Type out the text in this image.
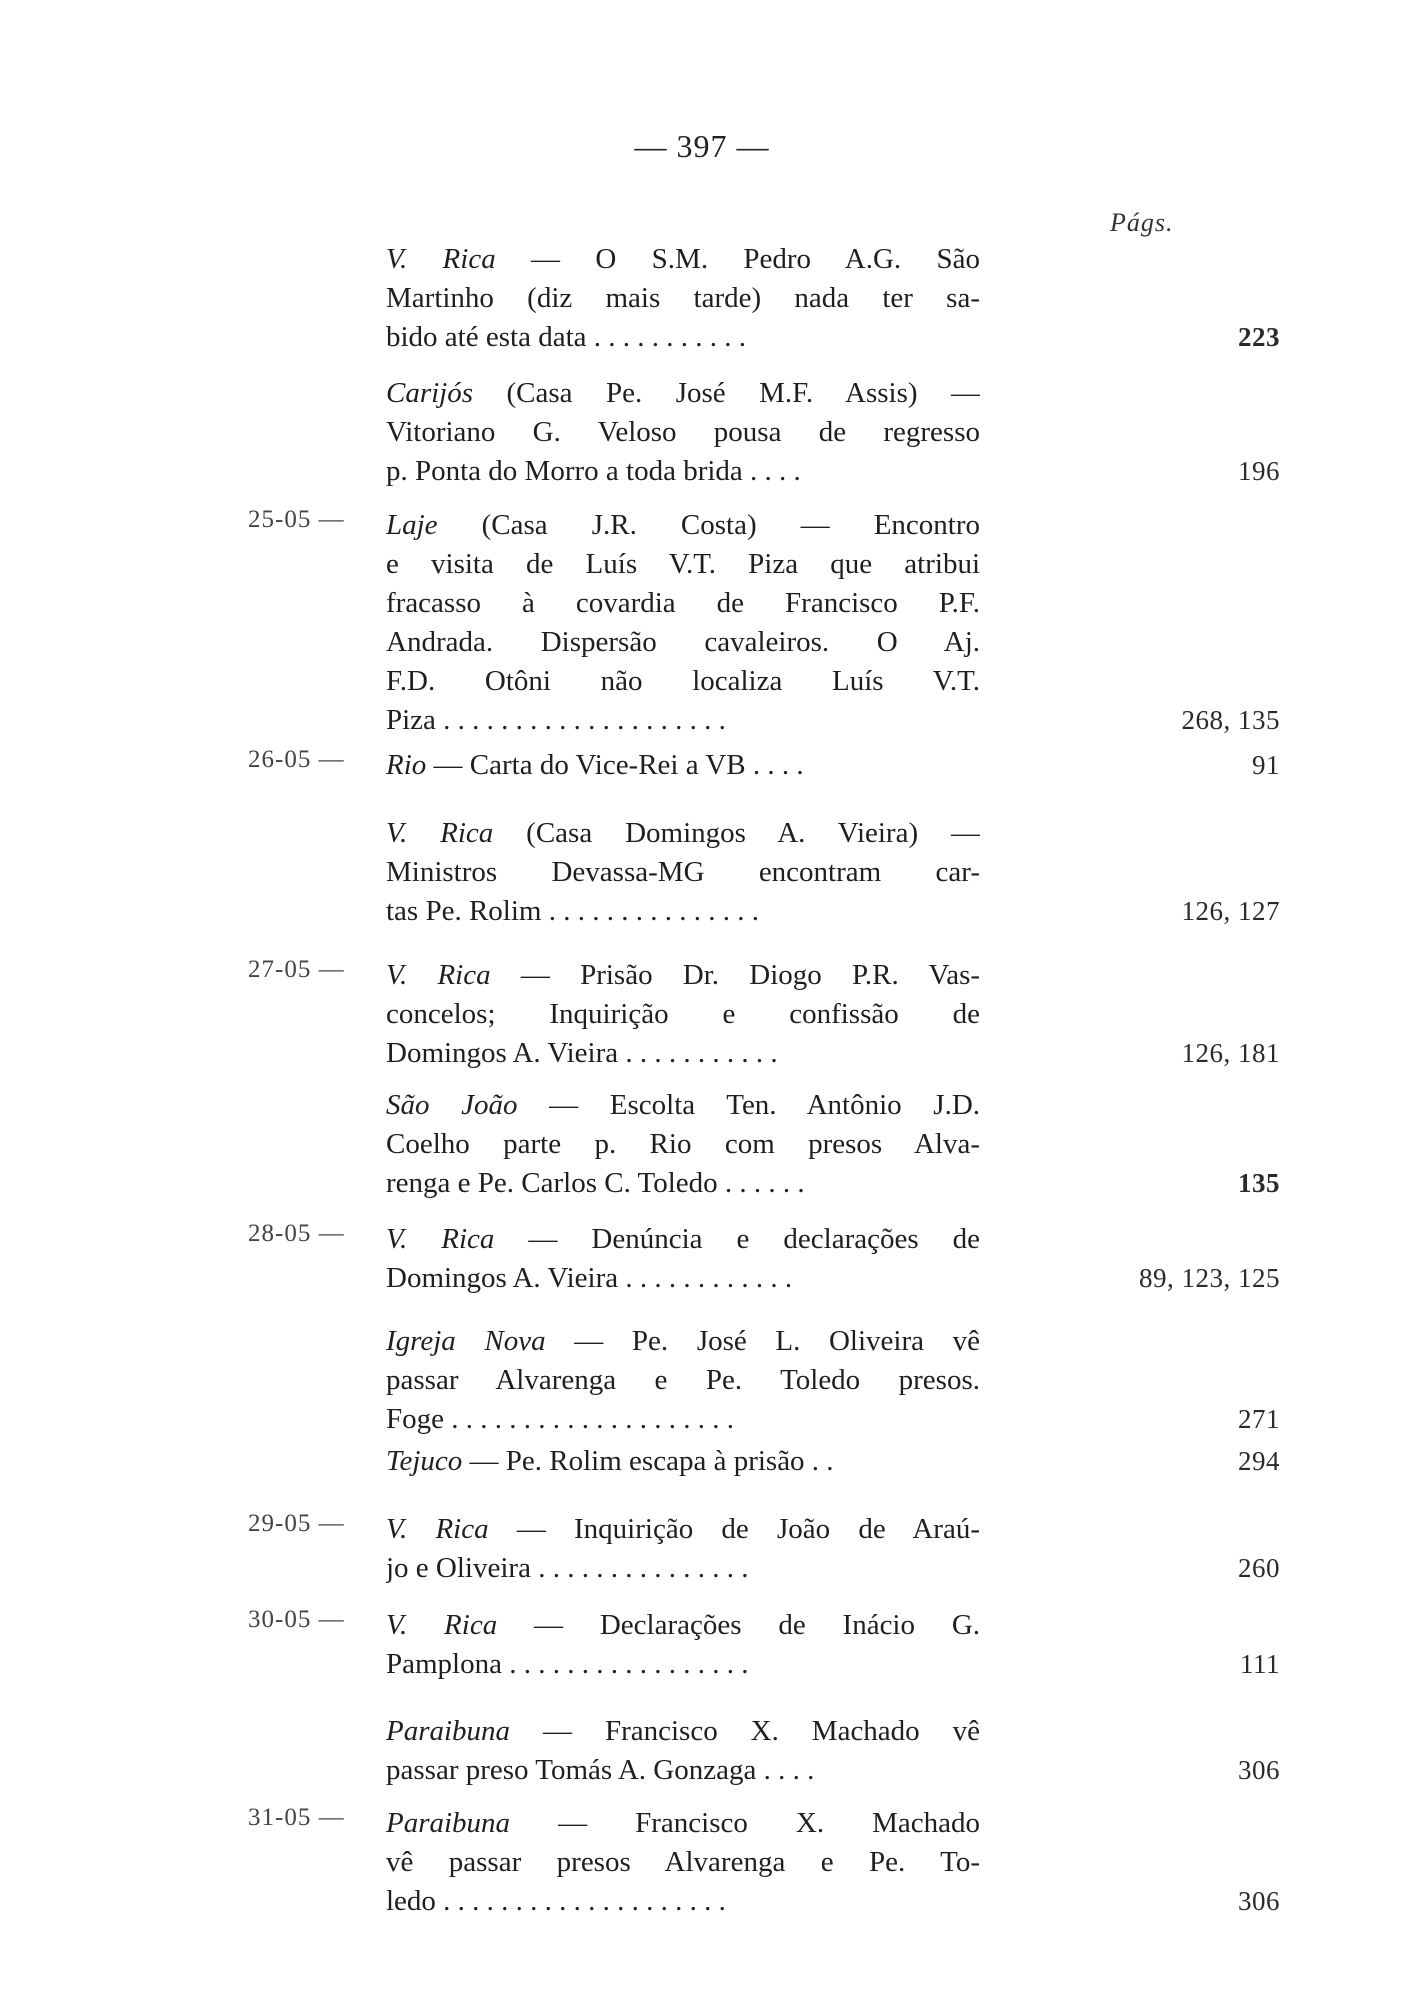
— 397 —
Págs.
V. Rica — O S.M. Pedro A.G. São
Martinho (diz mais tarde) nada ter sa-
bido até esta data . . . . . . . . . . .	223
Carijós (Casa Pe. José M.F. Assis) —
Vitoriano G. Veloso pousa de regresso
p. Ponta do Morro a toda brida . . . .	196
25-05 —	Laje (Casa J.R. Costa) — Encontro
e visita de Luís V.T. Piza que atribui
fracasso à covardia de Francisco P.F.
Andrada. Dispersão cavaleiros. O Aj.
F.D. Otôni não localiza Luís V.T.
Piza . . . . . . . . . . . . . . . . . . . .	268, 135
26-05 —	Rio — Carta do Vice-Rei a VB . . . .	91
V. Rica (Casa Domingos A. Vieira) —
Ministros Devassa-MG encontram car-
tas Pe. Rolim . . . . . . . . . . . . . . .	126, 127
27-05 —	V. Rica — Prisão Dr. Diogo P.R. Vas-
concelos; Inquirição e confissão de
Domingos A. Vieira . . . . . . . . . . .	126, 181
São João — Escolta Ten. Antônio J.D.
Coelho parte p. Rio com presos Alva-
renga e Pe. Carlos C. Toledo . . . . . .	135
28-05 —	V. Rica — Denúncia e declarações de
Domingos A. Vieira . . . . . . . . . . . .	89, 123, 125
Igreja Nova — Pe. José L. Oliveira vê
passar Alvarenga e Pe. Toledo presos.
Foge . . . . . . . . . . . . . . . . . . . .	271
Tejuco — Pe. Rolim escapa à prisão . .	294
29-05 —	V. Rica — Inquirição de João de Araú-
jo e Oliveira . . . . . . . . . . . . . . .	260
30-05 —	V. Rica — Declarações de Inácio G.
Pamplona . . . . . . . . . . . . . . . . .	111
Paraibuna — Francisco X. Machado vê
passar preso Tomás A. Gonzaga . . . .	306
31-05 —	Paraibuna — Francisco X. Machado
vê passar presos Alvarenga e Pe. To-
ledo . . . . . . . . . . . . . . . . . . . .	306
